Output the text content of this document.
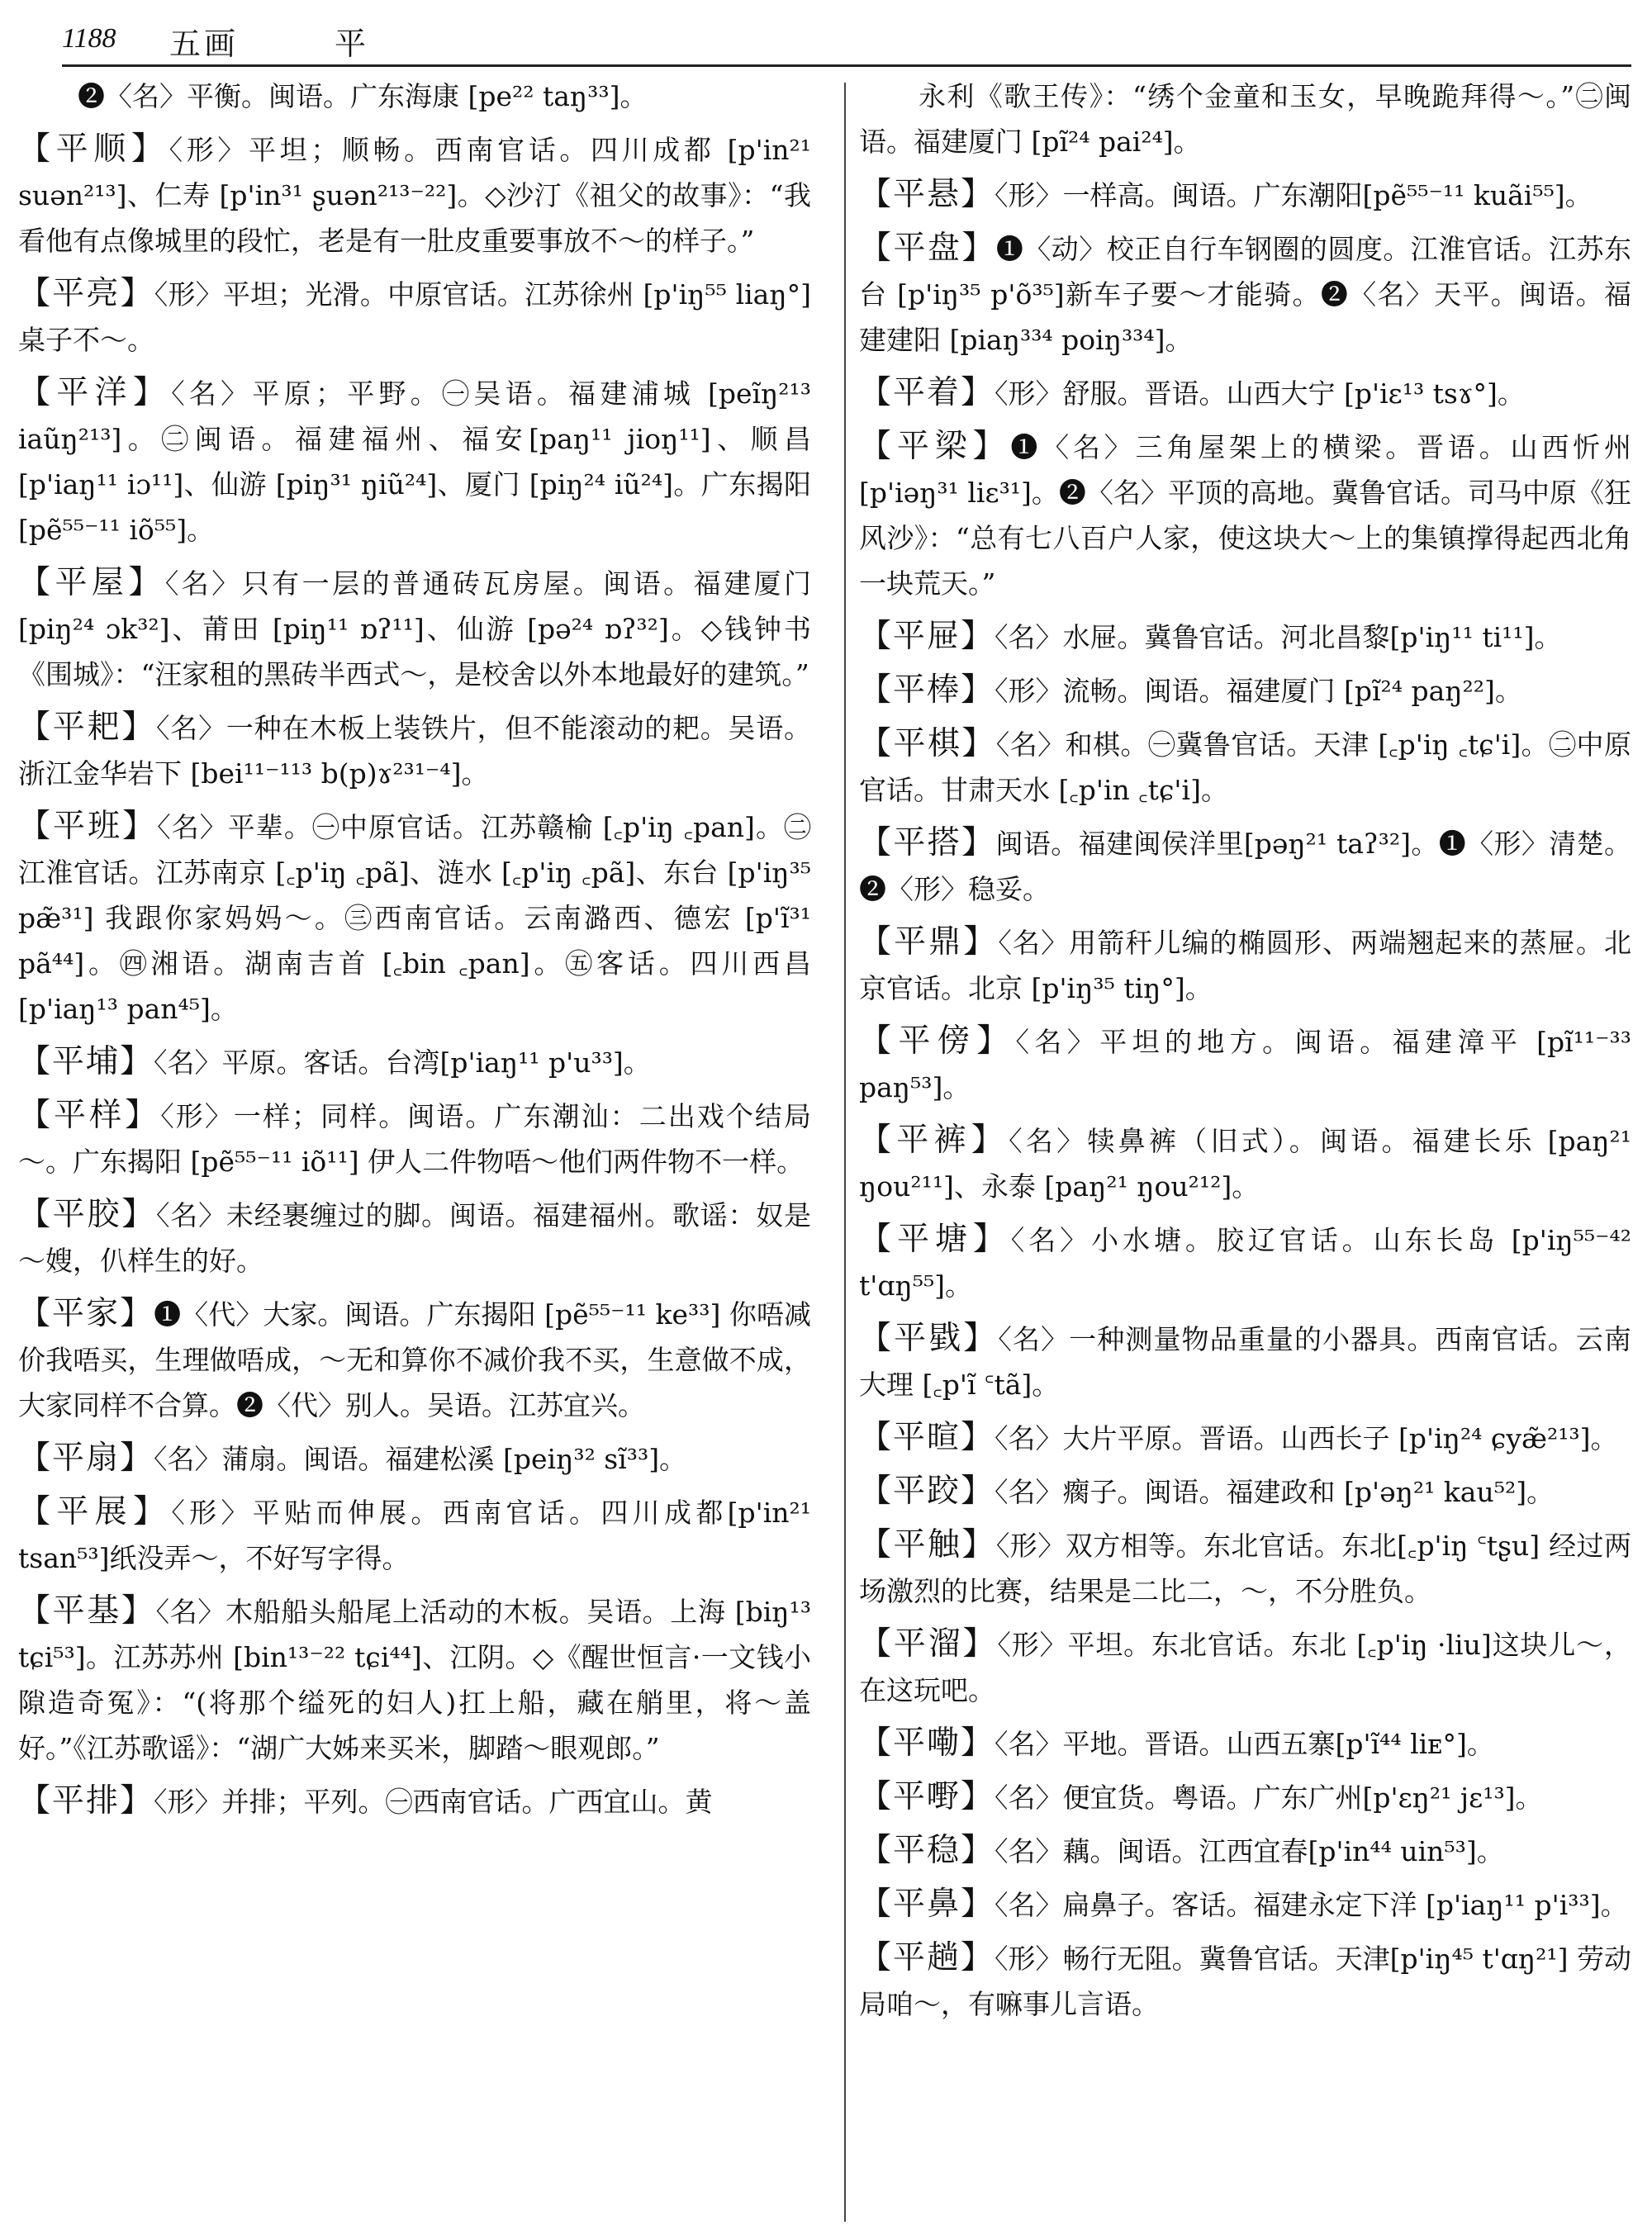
1188 五画	平

❷〈名〉平衡。闽语。广东海康 [pe²² taŋ³³]。

【平顺】〈形〉平坦；顺畅。西南官话。四川成都 [p'in²¹ suən²¹³]、仁寿 [p'in³¹ ʂuən²¹³⁻²²]。◇沙汀《祖父的故事》：“我看他有点像城里的段忙，老是有一肚皮重要事放不～的样子。”

【平亮】〈形〉平坦；光滑。中原官话。江苏徐州 [p'iŋ⁵⁵ liaŋ°]桌子不～。

【平洋】〈名〉平原；平野。㊀吴语。福建浦城 [peĩŋ²¹³ iaũŋ²¹³]。㊁闽语。福建福州、福安[paŋ¹¹ jioŋ¹¹]、顺昌 [p'iaŋ¹¹ iɔ¹¹]、仙游 [piŋ³¹ ŋiũ²⁴]、厦门 [piŋ²⁴ iũ²⁴]。广东揭阳 [pẽ⁵⁵⁻¹¹ iõ⁵⁵]。

【平屋】〈名〉只有一层的普通砖瓦房屋。闽语。福建厦门 [piŋ²⁴ ɔk³²]、莆田 [piŋ¹¹ ɒʔ¹¹]、仙游 [pə²⁴ ɒʔ³²]。◇钱钟书《围城》：“汪家租的黑砖半西式～，是校舍以外本地最好的建筑。”

【平耙】〈名〉一种在木板上装铁片，但不能滚动的耙。吴语。浙江金华岩下 [bei¹¹⁻¹¹³ b(p)ɤ²³¹⁻⁴]。

【平班】〈名〉平辈。㊀中原官话。江苏赣榆 [꜀p'iŋ ꜀pan]。㊁江淮官话。江苏南京 [꜀p'iŋ ꜀pã]、涟水 [꜀p'iŋ ꜀pã]、东台 [p'iŋ³⁵ pæ̃³¹] 我跟你家妈妈～。㊂西南官话。云南潞西、德宏 [p'ĩ³¹ pã⁴⁴]。㊃湘语。湖南吉首 [꜀bin ꜀pan]。㊄客话。四川西昌 [p'iaŋ¹³ pan⁴⁵]。

【平埔】〈名〉平原。客话。台湾[p'iaŋ¹¹ p'u³³]。

【平样】〈形〉一样；同样。闽语。广东潮汕：二出戏个结局～。广东揭阳 [pẽ⁵⁵⁻¹¹ iõ¹¹] 伊人二件物唔～他们两件物不一样。

【平胶】〈名〉未经裹缠过的脚。闽语。福建福州。歌谣：奴是～嫂，仈样生的好。

【平家】❶〈代〉大家。闽语。广东揭阳 [pẽ⁵⁵⁻¹¹ ke³³] 你唔减价我唔买，生理做唔成，～无和算你不减价我不买，生意做不成，大家同样不合算。❷〈代〉别人。吴语。江苏宜兴。

【平扇】〈名〉蒲扇。闽语。福建松溪 [peiŋ³² sĩ³³]。

【平展】〈形〉平贴而伸展。西南官话。四川成都[p'in²¹ tsan⁵³]纸没弄～，不好写字得。

【平基】〈名〉木船船头船尾上活动的木板。吴语。上海 [biŋ¹³ tɕi⁵³]。江苏苏州 [bin¹³⁻²² tɕi⁴⁴]、江阴。◇《醒世恒言·一文钱小隙造奇冤》：“(将那个缢死的妇人)扛上船，藏在艄里，将～盖好。”《江苏歌谣》：“湖广大姊来买米，脚踏～眼观郎。”

【平排】〈形〉并排；平列。㊀西南官话。广西宜山。黄

永利《歌王传》：“绣个金童和玉女，早晚跪拜得～。”㊁闽语。福建厦门 [pĩ²⁴ pai²⁴]。

【平悬】〈形〉一样高。闽语。广东潮阳[pẽ⁵⁵⁻¹¹ kuãi⁵⁵]。

【平盘】❶〈动〉校正自行车钢圈的圆度。江淮官话。江苏东台 [p'iŋ³⁵ p'õ³⁵]新车子要～才能骑。❷〈名〉天平。闽语。福建建阳 [piaŋ³³⁴ poiŋ³³⁴]。

【平着】〈形〉舒服。晋语。山西大宁 [p'iɛ¹³ tsɤ°]。

【平梁】❶〈名〉三角屋架上的横梁。晋语。山西忻州 [p'iəŋ³¹ liɛ³¹]。❷〈名〉平顶的高地。冀鲁官话。司马中原《狂风沙》：“总有七八百户人家，使这块大～上的集镇撑得起西北角一块荒天。”

【平屉】〈名〉水屉。冀鲁官话。河北昌黎[p'iŋ¹¹ ti¹¹]。

【平棒】〈形〉流畅。闽语。福建厦门 [pĩ²⁴ paŋ²²]。

【平棋】〈名〉和棋。㊀冀鲁官话。天津 [꜀p'iŋ ꜀tɕ'i]。㊁中原官话。甘肃天水 [꜀p'in ꜀tɕ'i]。

【平搭】闽语。福建闽侯洋里[pəŋ²¹ taʔ³²]。❶〈形〉清楚。❷〈形〉稳妥。

【平鼎】〈名〉用箭秆儿编的椭圆形、两端翘起来的蒸屉。北京官话。北京 [p'iŋ³⁵ tiŋ°]。

【平傍】〈名〉平坦的地方。闽语。福建漳平 [pĩ¹¹⁻³³ paŋ⁵³]。

【平裤】〈名〉犊鼻裤（旧式）。闽语。福建长乐 [paŋ²¹ ŋou²¹¹]、永泰 [paŋ²¹ ŋou²¹²]。

【平塘】〈名〉小水塘。胶辽官话。山东长岛 [p'iŋ⁵⁵⁻⁴² t'ɑŋ⁵⁵]。

【平戥】〈名〉一种测量物品重量的小器具。西南官话。云南大理 [꜀p'ĩ ꜂tã]。

【平暄】〈名〉大片平原。晋语。山西长子 [p'iŋ²⁴ ɕyæ̃²¹³]。

【平跤】〈名〉瘸子。闽语。福建政和 [p'əŋ²¹ kau⁵²]。

【平触】〈形〉双方相等。东北官话。东北[꜀p'iŋ ꜂tʂu] 经过两场激烈的比赛，结果是二比二，～，不分胜负。

【平溜】〈形〉平坦。东北官话。东北 [꜀p'iŋ ·liu]这块儿～，在这玩吧。

【平嘞】〈名〉平地。晋语。山西五寨[p'ĩ⁴⁴ liᴇ°]。

【平嘢】〈名〉便宜货。粤语。广东广州[p'ɛŋ²¹ jɛ¹³]。

【平稳】〈名〉藕。闽语。江西宜春[p'in⁴⁴ uin⁵³]。

【平鼻】〈名〉扁鼻子。客话。福建永定下洋 [p'iaŋ¹¹ p'i³³]。

【平趟】〈形〉畅行无阻。冀鲁官话。天津[p'iŋ⁴⁵ t'ɑŋ²¹] 劳动局咱～，有嘛事儿言语。
